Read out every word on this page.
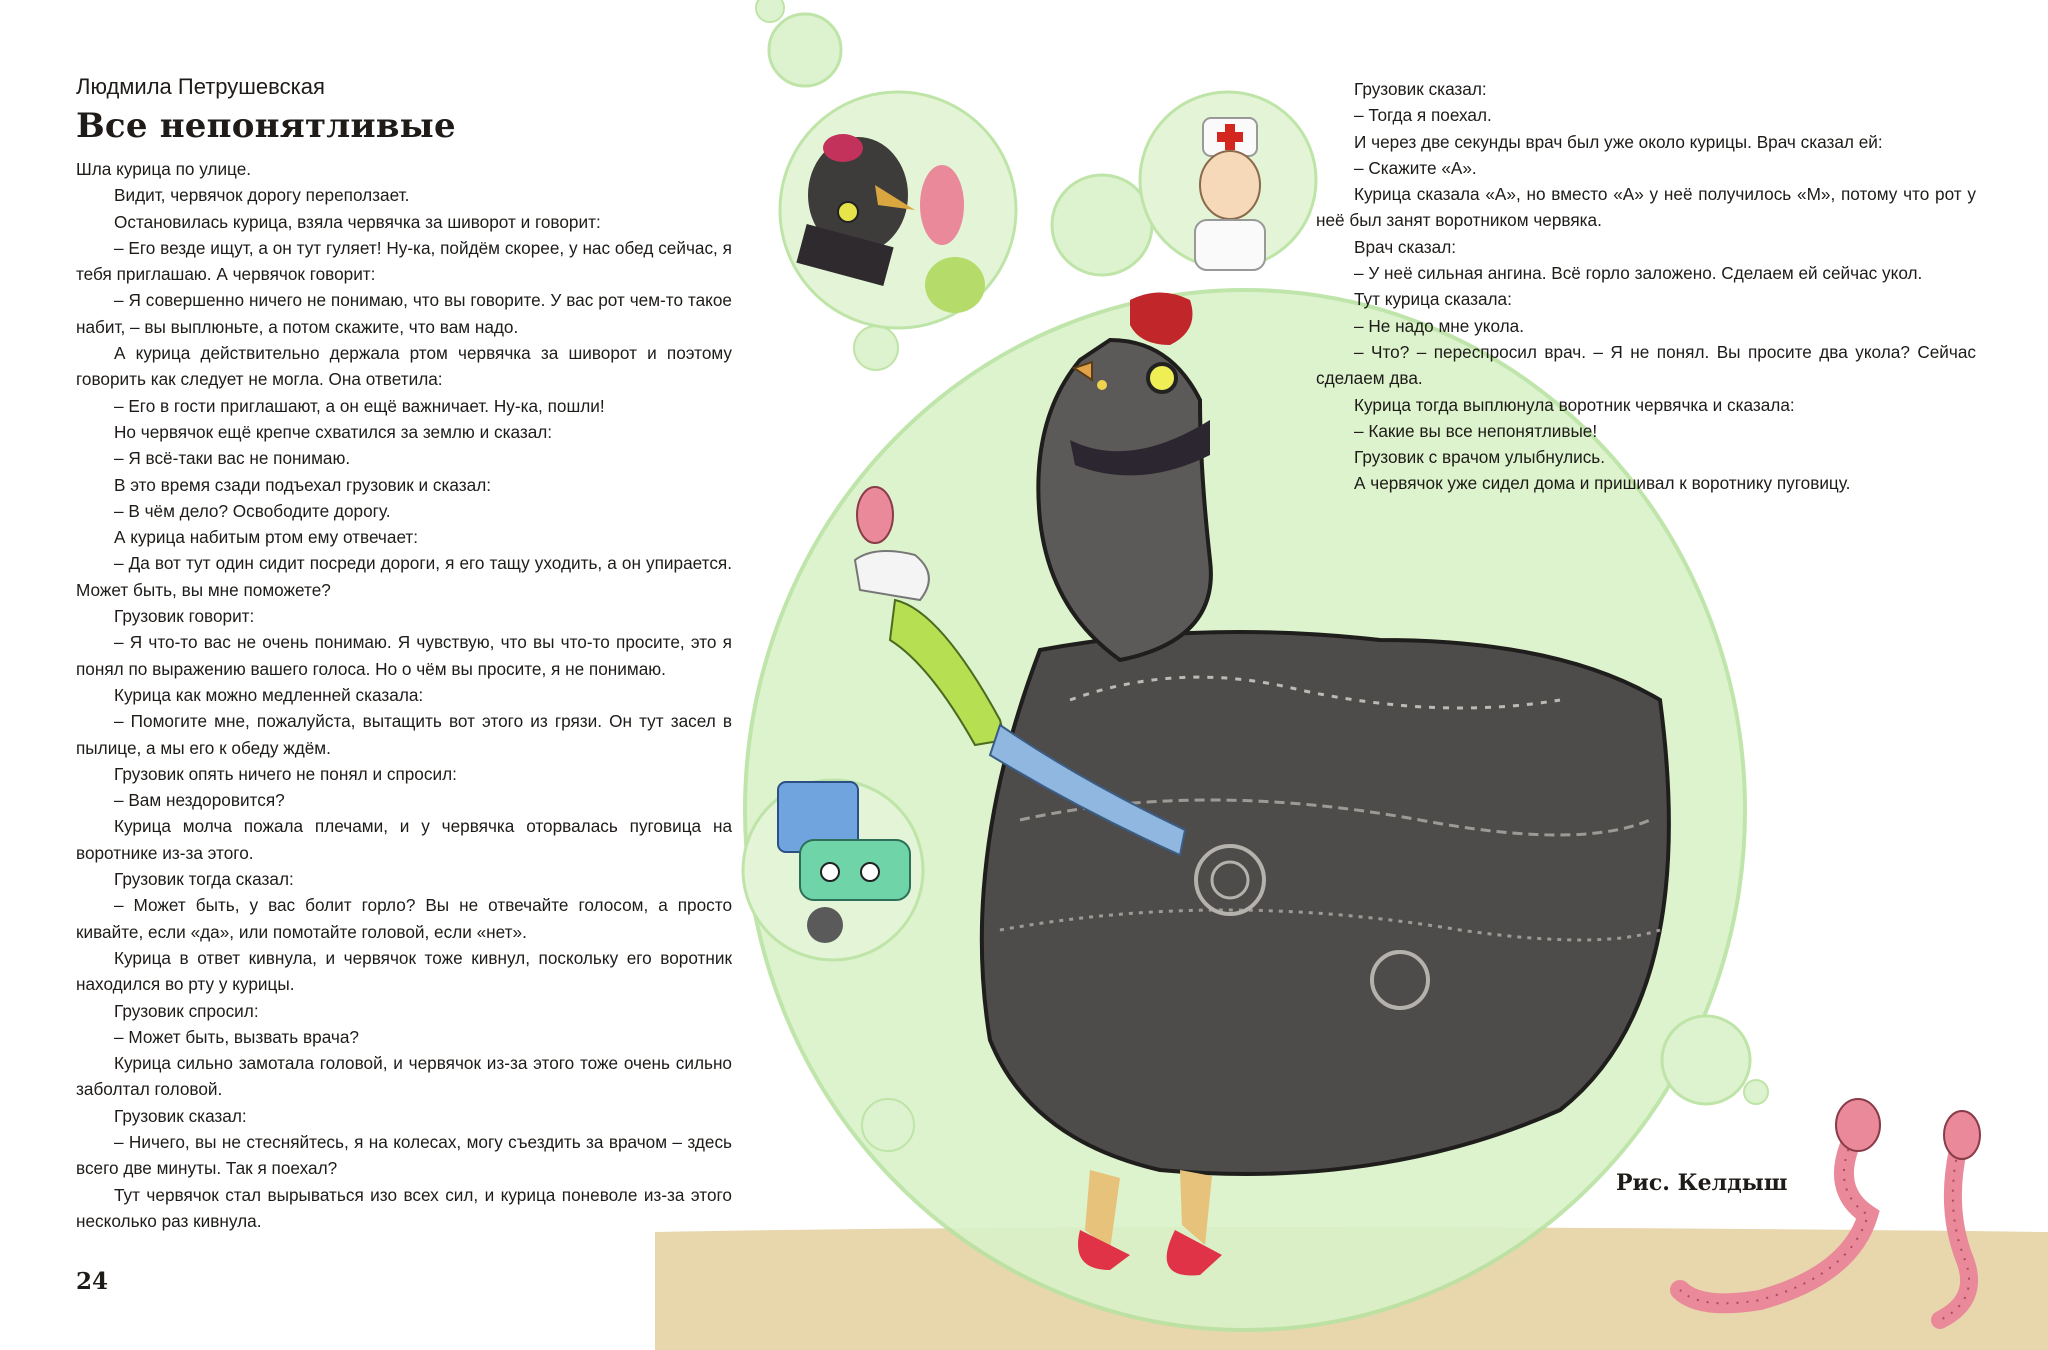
Людмила Петрушевская
Все непонятливые

Шла курица по улице.

Видит, червячок дорогу переползает.

Остановилась курица, взяла червячка за шиворот и говорит:

– Его везде ищут, а он тут гуляет! Ну-ка, пойдём скорее, у нас обед сейчас, я тебя приглашаю. А червячок говорит:

– Я совершенно ничего не понимаю, что вы говорите. У вас рот чем-то такое набит, – вы выплюньте, а потом скажите, что вам надо.

А курица действительно держала ртом червячка за шиворот и поэтому говорить как следует не могла. Она ответила:

– Его в гости приглашают, а он ещё важничает. Ну-ка, пошли!

Но червячок ещё крепче схватился за землю и сказал:

– Я всё-таки вас не понимаю.

В это время сзади подъехал грузовик и сказал:

– В чём дело? Освободите дорогу.

А курица набитым ртом ему отвечает:

– Да вот тут один сидит посреди дороги, я его тащу уходить, а он упирается. Может быть, вы мне поможете?

Грузовик говорит:

– Я что-то вас не очень понимаю. Я чувствую, что вы что-то просите, это я понял по выражению вашего голоса. Но о чём вы просите, я не понимаю.

Курица как можно медленней сказала:

– Помогите мне, пожалуйста, вытащить вот этого из грязи. Он тут засел в пылице, а мы его к обеду ждём.

Грузовик опять ничего не понял и спросил:

– Вам нездоровится?

Курица молча пожала плечами, и у червячка оторвалась пуговица на воротнике из-за этого.

Грузовик тогда сказал:

– Может быть, у вас болит горло? Вы не отвечайте голосом, а просто кивайте, если «да», или помотайте головой, если «нет».

Курица в ответ кивнула, и червячок тоже кивнул, поскольку его воротник находился во рту у курицы.

Грузовик спросил:

– Может быть, вызвать врача?

Курица сильно замотала головой, и червячок из-за этого тоже очень сильно заболтал головой.

Грузовик сказал:

– Ничего, вы не стесняйтесь, я на колесах, могу съездить за врачом – здесь всего две минуты. Так я поехал?

Тут червячок стал вырываться изо всех сил, и курица поневоле из-за этого несколько раз кивнула.

Грузовик сказал:

– Тогда я поехал.

И через две секунды врач был уже около курицы. Врач сказал ей:

– Скажите «А».

Курица сказала «А», но вместо «А» у неё получилось «М», потому что рот у неё был занят воротником червяка.

Врач сказал:

– У неё сильная ангина. Всё горло заложено. Сделаем ей сейчас укол.

Тут курица сказала:

– Не надо мне укола.

– Что? – переспросил врач. – Я не понял. Вы просите два укола? Сейчас сделаем два.

Курица тогда выплюнула воротник червячка и сказала:

– Какие вы все непонятливые!

Грузовик с врачом улыбнулись.

А червячок уже сидел дома и пришивал к воротнику пуговицу.

24
Рис. Келдыш
